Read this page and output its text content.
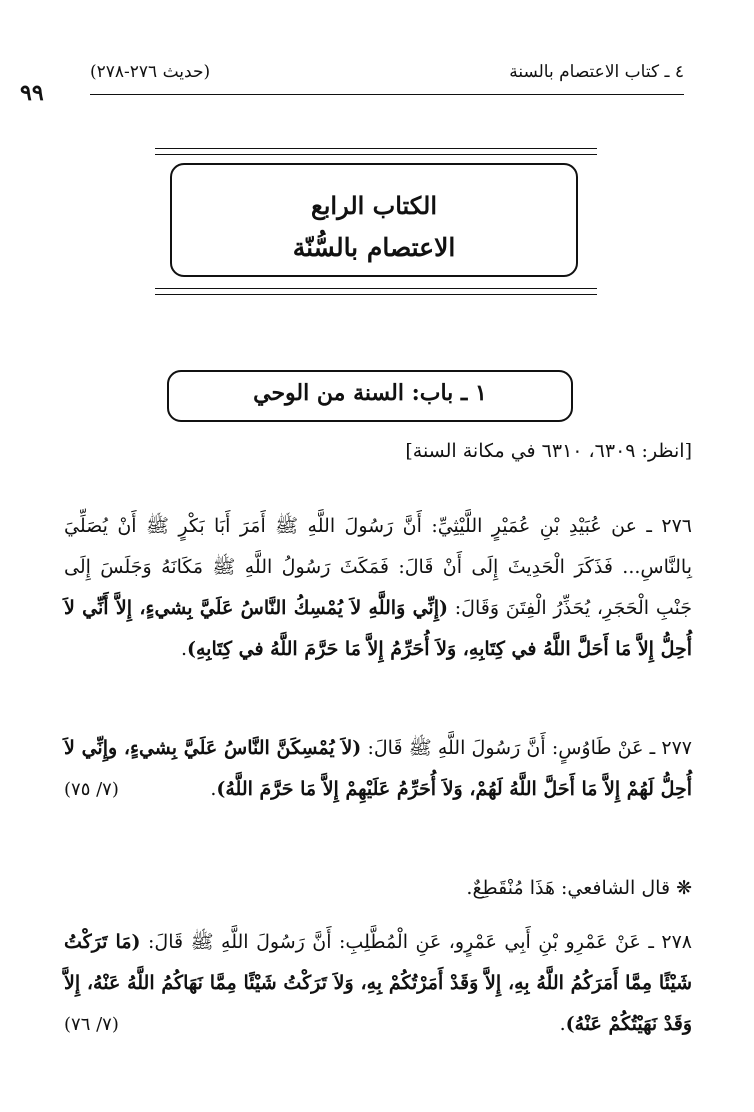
٤ ـ كتاب الاعتصام بالسنة
(حديث ٢٧٦-٢٧٨)
٩٩
الكتاب الرابع
الاعتصام بالسُّنّة
١ ـ باب: السنة من الوحي
[انظر: ٦٣٠٩، ٦٣١٠ في مكانة السنة]

٢٧٦ ـ عن عُبَيْدِ بْنِ عُمَيْرٍ اللَّيْثِيِّ: أَنَّ رَسُولَ اللَّهِ ﷺ أَمَرَ أَبَا بَكْرٍ ﷺ أَنْ يُصَلِّيَ بِالنَّاسِ... فَذَكَرَ الْحَدِيثَ إِلَى أَنْ قَالَ: فَمَكَثَ رَسُولُ اللَّهِ ﷺ مَكَانَهُ وَجَلَسَ إِلَى جَنْبِ الْحَجَرِ، يُحَذِّرُ الْفِتَنَ وَقَالَ: (إِنِّي وَاللَّهِ لاَ يُمْسِكُ النَّاسُ عَلَيَّ بِشيءٍ، إِلاَّ أَنِّي لاَ أُحِلُّ إِلاَّ مَا أَحَلَّ اللَّهُ في كِتَابِهِ، وَلاَ أُحَرِّمُ إِلاَّ مَا حَرَّمَ اللَّهُ في كِتَابِهِ).

٢٧٧ ـ عَنْ طَاوُسٍ: أَنَّ رَسُولَ اللَّهِ ﷺ قَالَ: (لاَ يُمْسِكَنَّ النَّاسُ عَلَيَّ بِشيءٍ، وإِنِّي لاَ أُحِلُّ لَهُمْ إِلاَّ مَا أَحَلَّ اللَّهُ لَهُمْ، وَلاَ أُحَرِّمُ عَلَيْهِمْ إِلاَّ مَا حَرَّمَ اللَّهُ).
(٧/ ٧٥)

❋ قال الشافعي: هَذَا مُنْقَطِعٌ.

٢٧٨ ـ عَنْ عَمْرِو بْنِ أَبِي عَمْرٍو، عَنِ الْمُطَّلِبِ: أَنَّ رَسُولَ اللَّهِ ﷺ قَالَ: (مَا تَرَكْتُ شَيْئًا مِمَّا أَمَرَكُمُ اللَّهُ بِهِ، إِلاَّ وَقَدْ أَمَرْتُكُمْ بِهِ، وَلاَ تَرَكْتُ شَيْئًا مِمَّا نَهَاكُمُ اللَّهُ عَنْهُ، إِلاَّ وَقَدْ نَهَيْتُكُمْ عَنْهُ).
(٧/ ٧٦)
